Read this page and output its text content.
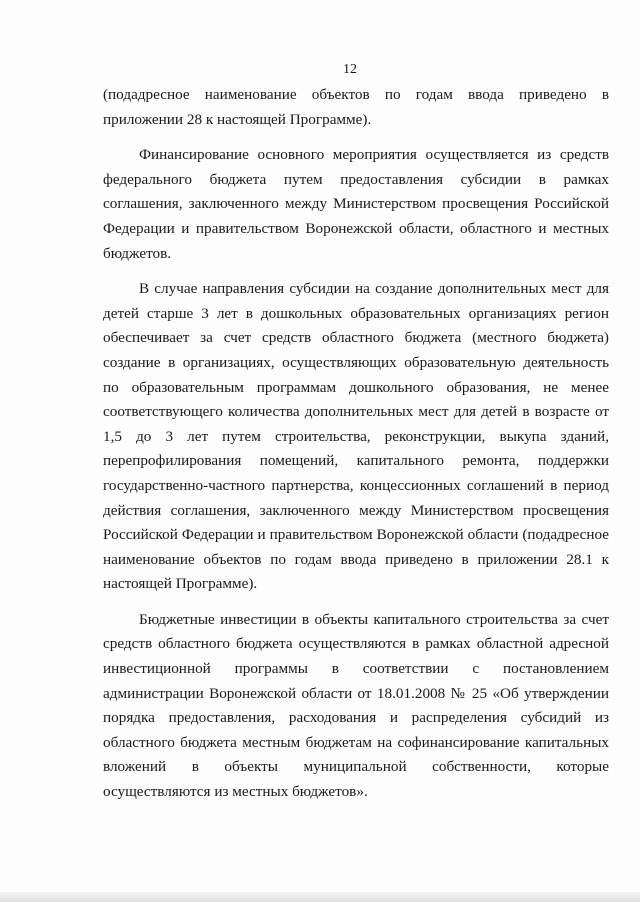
12

(подадресное наименование объектов по годам ввода приведено в приложении 28 к настоящей Программе).

Финансирование основного мероприятия осуществляется из средств федерального бюджета путем предоставления субсидии в рамках соглашения, заключенного между Министерством просвещения Российской Федерации и правительством Воронежской области, областного и местных бюджетов.

В случае направления субсидии на создание дополнительных мест для детей старше 3 лет в дошкольных образовательных организациях регион обеспечивает за счет средств областного бюджета (местного бюджета) создание в организациях, осуществляющих образовательную деятельность по образовательным программам дошкольного образования, не менее соответствующего количества дополнительных мест для детей в возрасте от 1,5 до 3 лет путем строительства, реконструкции, выкупа зданий, перепрофилирования помещений, капитального ремонта, поддержки государственно-частного партнерства, концессионных соглашений в период действия соглашения, заключенного между Министерством просвещения Российской Федерации и правительством Воронежской области (подадресное наименование объектов по годам ввода приведено в приложении 28.1 к настоящей Программе).

Бюджетные инвестиции в объекты капитального строительства за счет средств областного бюджета осуществляются в рамках областной адресной инвестиционной программы в соответствии с постановлением администрации Воронежской области от 18.01.2008 № 25 «Об утверждении порядка предоставления, расходования и распределения субсидий из областного бюджета местным бюджетам на софинансирование капитальных вложений в объекты муниципальной собственности, которые осуществляются из местных бюджетов».
